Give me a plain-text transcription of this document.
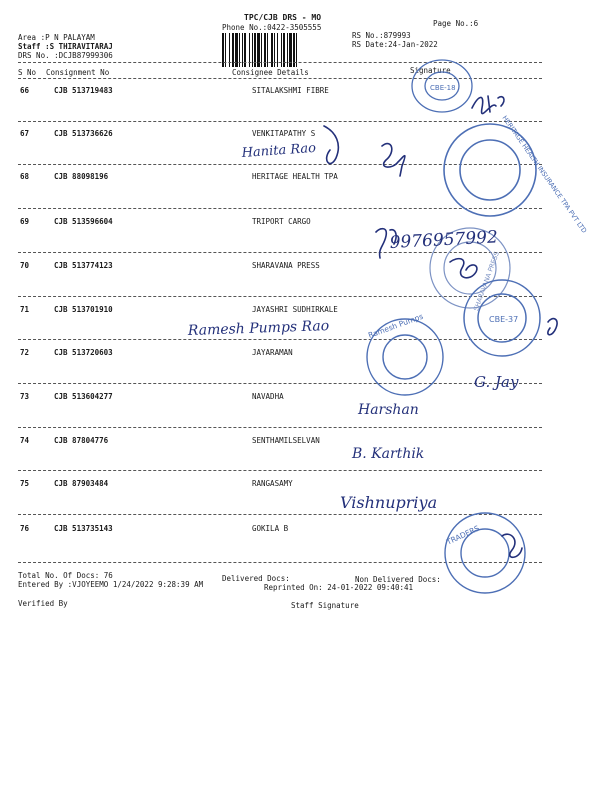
TPC/CJB DRS - MO
Phone No.:0422-3505555	Page No.:6
Area :P N PALAYAM
Staff :S THIRAVITARAJ
DRS No. :DCJB87999306
RS No.:879993
RS Date:24-Jan-2022
S No Consignment No	Consignee Details	Signature
66	CJB 513719483	SITALAKSHMI FIBRE
67	CJB 513736626	VENKITAPATHY S
68	CJB 88098196	HERITAGE HEALTH TPA
69	CJB 513596604	TRIPORT CARGO
70	CJB 513774123	SHARAVANA PRESS
71	CJB 513701910	JAYASHRI SUDHIRKALE
72	CJB 513720603	JAYARAMAN
73	CJB 513604277	NAVADHA
74	CJB 87804776	SENTHAMILSELVAN
75	CJB 87903484	RANGASAMY
76	CJB 513735143	GOKILA B
Total No. Of Docs: 76	Delivered Docs:	Non Delivered Docs:
Entered By :VJOYEEMO 1/24/2022 9:28:39 AM	Reprinted On: 24-01-2022 09:40:41
Verified By	Staff Signature
CBE-18
HERITAGE HEALTH INSURANCE TPA PVT LTD
SHARAVANA PRESS
CBE-37
Ramesh Pumps
TRADERS
Hanita Rao
9976957992
Ramesh Pumps Rao
G. Jay
Harshan
B. Karthik
Vishnupriya
